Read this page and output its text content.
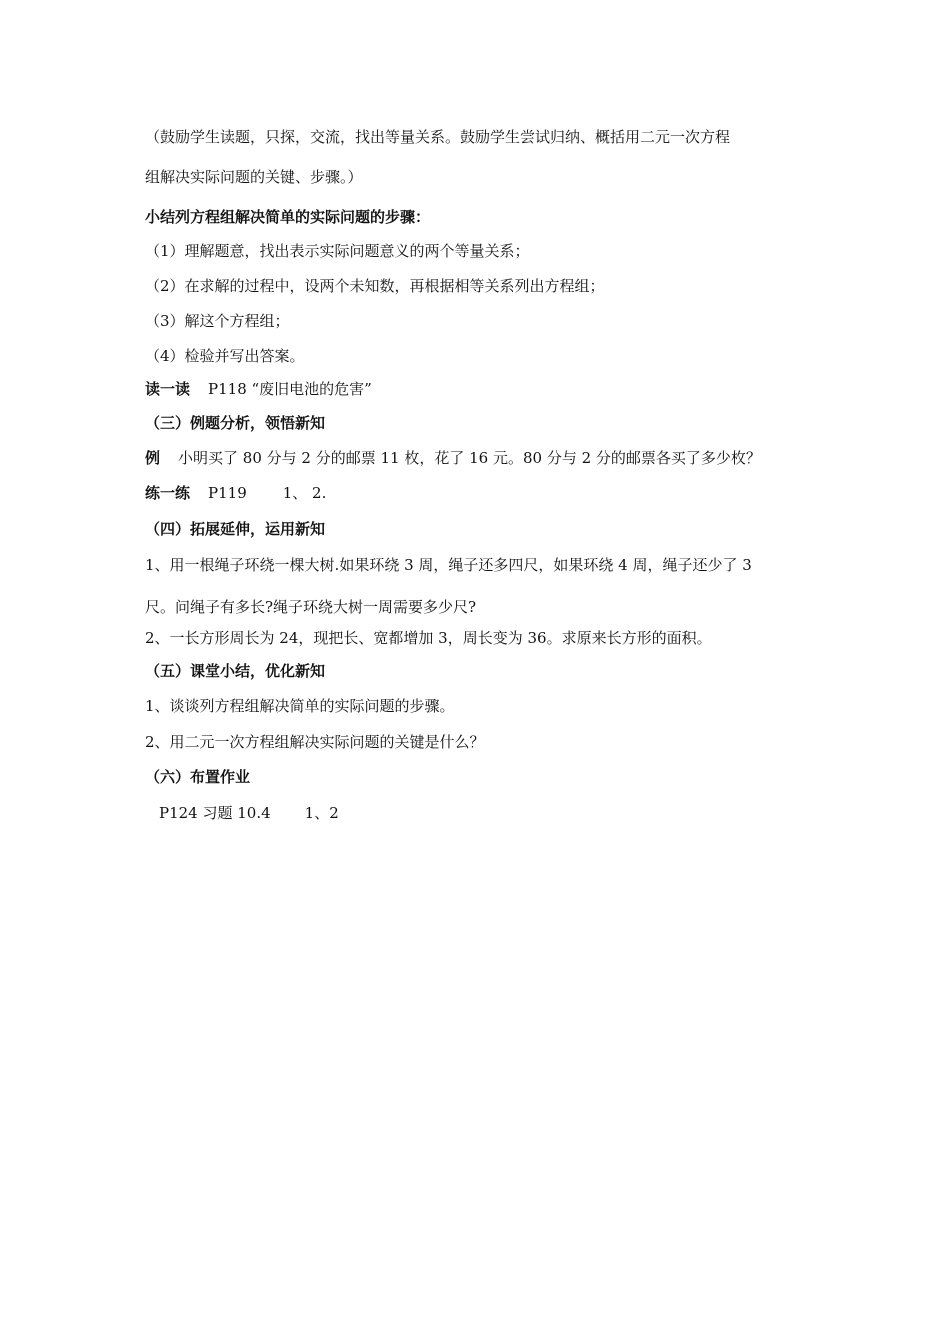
（鼓励学生读题，只探，交流，找出等量关系。鼓励学生尝试归纳、概括用二元一次方程
组解决实际问题的关键、步骤。）
小结列方程组解决简单的实际问题的步骤：
（1）理解题意，找出表示实际问题意义的两个等量关系；
（2）在求解的过程中，设两个未知数，再根据相等关系列出方程组；
（3）解这个方程组；
（4）检验并写出答案。
读一读 P118 “废旧电池的危害”
（三）例题分析，领悟新知
例 小明买了 80 分与 2 分的邮票 11 枚，花了 16 元。80 分与 2 分的邮票各买了多少枚？
练一练 P119 1、 2.
（四）拓展延伸，运用新知
1、用一根绳子环绕一棵大树.如果环绕 3 周，绳子还多四尺，如果环绕 4 周，绳子还少了 3
尺。问绳子有多长?绳子环绕大树一周需要多少尺?
2、一长方形周长为 24，现把长、宽都增加 3，周长变为 36。求原来长方形的面积。
（五）课堂小结，优化新知
1、谈谈列方程组解决简单的实际问题的步骤。
2、用二元一次方程组解决实际问题的关键是什么？
（六）布置作业
P124 习题 10.4 1、2
